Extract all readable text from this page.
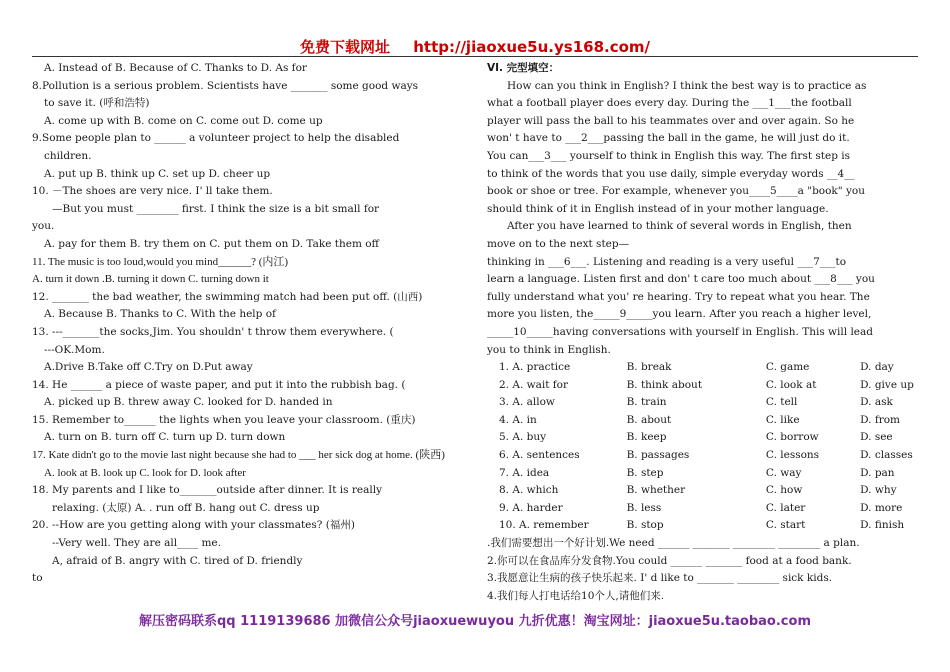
免费下载网址 http://jiaoxue5u.ys168.com/
A. Instead of B. Because of C. Thanks to D. As for
8.Pollution is a serious problem. Scientists have _______ some good ways
to save it. (呼和浩特)
A. come up with B. come on C. come out D. come up
9.Some people plan to ______ a volunteer project to help the disabled
children.
A. put up B. think up C. set up D. cheer up
10. －The shoes are very nice. I' ll take them.
—But you must ________ first. I think the size is a bit small for
you.
A. pay for them B. try them on C. put them on D. Take them off
11. The music is too loud,would you mind______? (内江)
A. turn it down .B. turning it down C. turning down it
12. _______ the bad weather, the swimming match had been put off. (山西)
A. Because B. Thanks to C. With the help of
13. ---_______the socks,Jim. You shouldn' t throw them everywhere. (
---OK.Mom.
A.Drive B.Take off C.Try on D.Put away
14. He ______ a piece of waste paper, and put it into the rubbish bag. (
A. picked up B. threw away C. looked for D. handed in
15. Remember to______ the lights when you leave your classroom. (重庆)
A. turn on B. turn off C. turn up D. turn down
17. Kate didn't go to the movie last night because she had to ___ her sick dog at home. (陕西)
A. look at B. look up C. look for D. look after
18. My parents and I like to_______outside after dinner. It is really
relaxing. (太原) A. . run off B. hang out C. dress up
20. --How are you getting along with your classmates? (福州)
--Very well. They are all____ me.
A, afraid of B. angry with C. tired of D. friendly
to
VI. 完型填空：
How can you think in English? I think the best way is to practice as
what a football player does every day. During the ___1___the football
player will pass the ball to his teammates over and over again. So he
won' t have to ___2___passing the ball in the game, he will just do it.
You can___3___ yourself to think in English this way. The first step is
to think of the words that you use daily, simple everyday words __4__
book or shoe or tree. For example, whenever you____5____a "book" you
should think of it in English instead of in your mother language.
After you have learned to think of several words in English, then
move on to the next step—
thinking in ___6___. Listening and reading is a very useful ___7___to
learn a language. Listen first and don' t care too much about ___8___ you
fully understand what you' re hearing. Try to repeat what you hear. The
more you listen, the_____9_____you learn. After you reach a higher level,
_____10_____having conversations with yourself in English. This will lead
you to think in English.
1. A. practice	B. break	C. game	D. day
2. A. wait for	B. think about	C. look at	D. give up
3. A. allow	B. train	C. tell	D. ask
4. A. in	B. about	C. like	D. from
5. A. buy	B. keep	C. borrow	D. see
6. A. sentences	B. passages	C. lessons	D. classes
7. A. idea	B. step	C. way	D. pan
8. A. which	B. whether	C. how	D. why
9. A. harder	B. less	C. later	D. more
10. A. remember	B. stop	C. start	D. finish
.我们需要想出一个好计划.We need ______ _______ ________ ________ a plan.
2.你可以在食品库分发食物.You could ______ _______ food at a food bank.
3.我愿意让生病的孩子快乐起来. I' d like to _______ ________ sick kids.
4.我们每人打电话给10个人,请他们来.
解压密码联系qq 1119139686 加微信公众号jiaoxuewuyou 九折优惠！淘宝网址：jiaoxue5u.taobao.com
